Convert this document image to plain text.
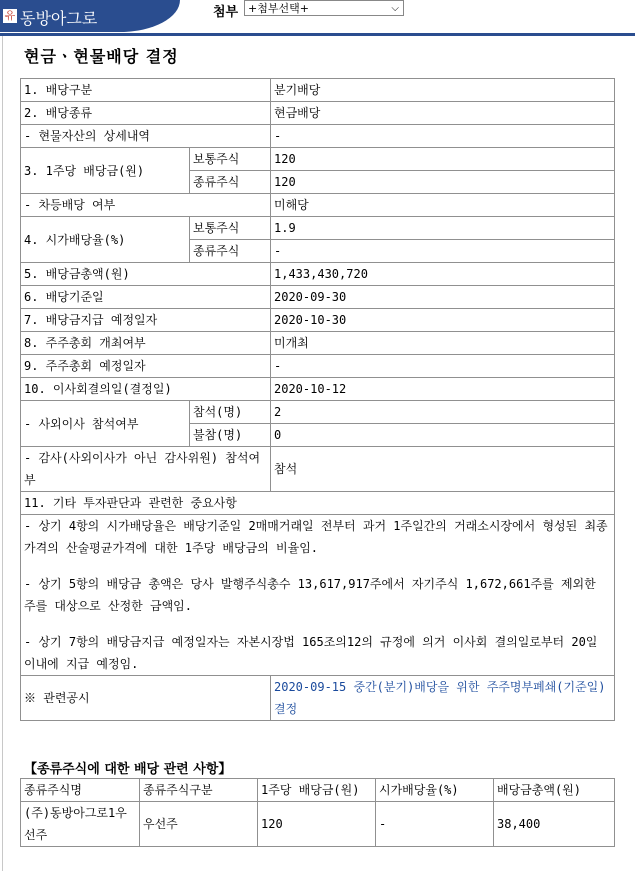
유 동방아그로	첨부 +첨부선택+	⌵
현금ㆍ현물배당 결정
1. 배당구분		분기배당
2. 배당종류		현금배당
- 현물자산의 상세내역		-
3. 1주당 배당금(원)	보통주식	120
	종류주식	120
- 차등배당 여부		미해당
4. 시가배당율(%)	보통주식	1.9
	종류주식	-
5. 배당금총액(원)		1,433,430,720
6. 배당기준일		2020-09-30
7. 배당금지급 예정일자		2020-10-30
8. 주주총회 개최여부		미개최
9. 주주총회 예정일자		-
10. 이사회결의일(결정일)		2020-10-12
- 사외이사 참석여부	참석(명)	2
	불참(명)	0
- 감사(사외이사가 아닌 감사위원) 참석여부		참석
11. 기타 투자판단과 관련한 중요사항		

- 상기 4항의 시가배당율은 배당기준일 2매매거래일 전부터 과거 1주일간의 거래소시장에서 형성된 최종가격의 산술평균가격에 대한 1주당 배당금의 비율임.
- 상기 5항의 배당금 총액은 당사 발행주식총수 13,617,917주에서 자기주식 1,672,661주를 제외한 주를 대상으로 산정한 금액임.
- 상기 7항의 배당금지급 예정일자는 자본시장법 165조의12의 규정에 의거 이사회 결의일로부터 20일 이내에 지급 예정임.		

※ 관련공시		2020-09-15 중간(분기)배당을 위한 주주명부폐쇄(기준일) 결정
【종류주식에 대한 배당 관련 사항】
종류주식명	종류주식구분	1주당 배당금(원)	시가배당율(%)	배당금총액(원)
(주)동방아그로1우선주	우선주	120	-	38,400
